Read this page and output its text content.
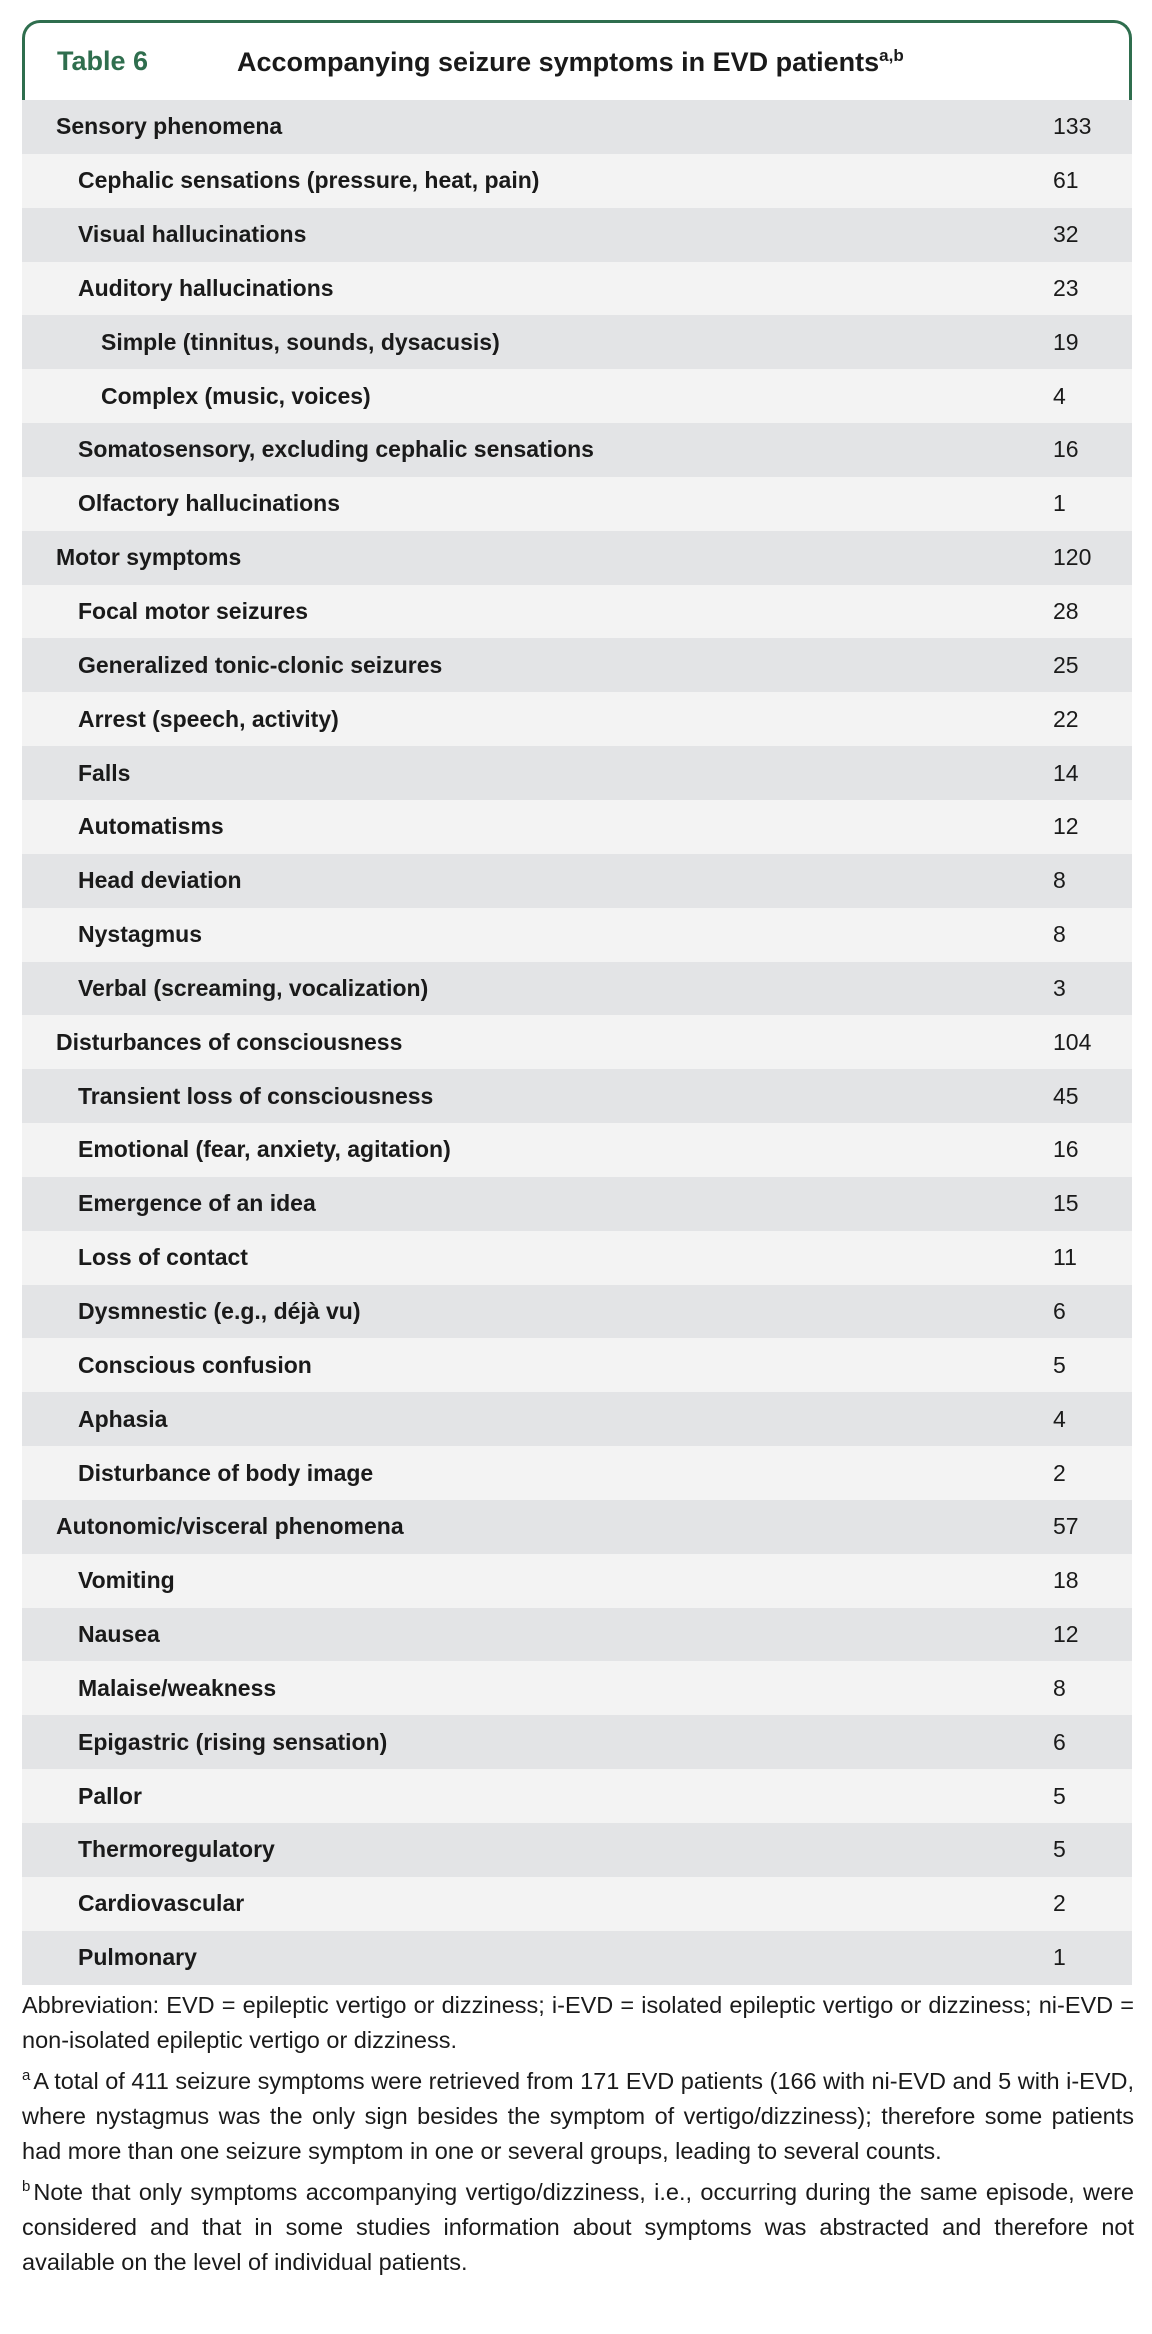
Table 6	Accompanying seizure symptoms in EVD patients$^{a,b}$
Sensory phenomena	133
Cephalic sensations (pressure, heat, pain)	61
Visual hallucinations	32
Auditory hallucinations	23
Simple (tinnitus, sounds, dysacusis)	19
Complex (music, voices)	4
Somatosensory, excluding cephalic sensations	16
Olfactory hallucinations	1
Motor symptoms	120
Focal motor seizures	28
Generalized tonic-clonic seizures	25
Arrest (speech, activity)	22
Falls	14
Automatisms	12
Head deviation	8
Nystagmus	8
Verbal (screaming, vocalization)	3
Disturbances of consciousness	104
Transient loss of consciousness	45
Emotional (fear, anxiety, agitation)	16
Emergence of an idea	15
Loss of contact	11
Dysmnestic (e.g., déjà vu)	6
Conscious confusion	5
Aphasia	4
Disturbance of body image	2
Autonomic/visceral phenomena	57
Vomiting	18
Nausea	12
Malaise/weakness	8
Epigastric (rising sensation)	6
Pallor	5
Thermoregulatory	5
Cardiovascular	2
Pulmonary	1

Abbreviation: EVD = epileptic vertigo or dizziness; i-EVD = isolated epileptic vertigo or dizziness; ni-EVD = non-isolated epileptic vertigo or dizziness.

$^a$ A total of 411 seizure symptoms were retrieved from 171 EVD patients (166 with ni-EVD and 5 with i-EVD, where nystagmus was the only sign besides the symptom of vertigo/dizziness); therefore some patients had more than one seizure symptom in one or several groups, leading to several counts.

$^b$ Note that only symptoms accompanying vertigo/dizziness, i.e., occurring during the same episode, were considered and that in some studies information about symptoms was abstracted and therefore not available on the level of individual patients.
